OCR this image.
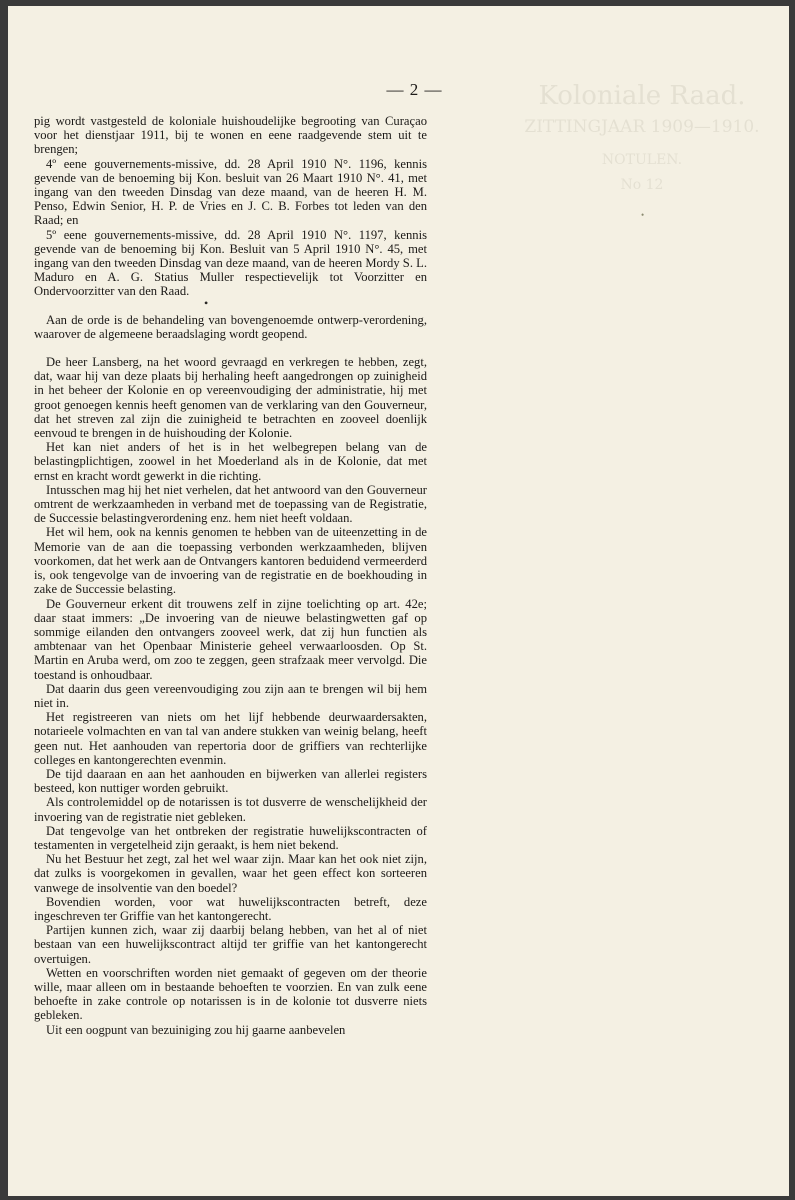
Koloniale Raad.
ZITTINGJAAR 1909—1910.
NOTULEN.
No 12
— 2 —

pig wordt vastgesteld de koloniale huishoudelijke begrooting van Curaçao voor het dienstjaar 1911, bij te wonen en eene raadgevende stem uit te brengen;

4º eene gouvernements-missive, dd. 28 April 1910 N°. 1196, kennis gevende van de benoeming bij Kon. besluit van 26 Maart 1910 N°. 41, met ingang van den tweeden Dinsdag van deze maand, van de heeren H. M. Penso, Edwin Senior, H. P. de Vries en J. C. B. Forbes tot leden van den Raad; en

5º eene gouvernements-missive, dd. 28 April 1910 N°. 1197, kennis gevende van de benoeming bij Kon. Besluit van 5 April 1910 N°. 45, met ingang van den tweeden Dinsdag van deze maand, van de heeren Mordy S. L. Maduro en A. G. Statius Muller respectievelijk tot Voorzitter en Ondervoorzitter van den Raad.

Aan de orde is de behandeling van bovengenoemde ontwerp-verordening, waarover de algemeene beraadslaging wordt geopend.

De heer Lansberg, na het woord gevraagd en verkregen te hebben, zegt, dat, waar hij van deze plaats bij herhaling heeft aangedrongen op zuinigheid in het beheer der Kolonie en op vereenvoudiging der administratie, hij met groot genoegen kennis heeft genomen van de verklaring van den Gouverneur, dat het streven zal zijn die zuinigheid te betrachten en zooveel doenlijk eenvoud te brengen in de huishouding der Kolonie.

Het kan niet anders of het is in het welbegrepen belang van de belastingplichtigen, zoowel in het Moederland als in de Kolonie, dat met ernst en kracht wordt gewerkt in die richting.

Intusschen mag hij het niet verhelen, dat het antwoord van den Gouverneur omtrent de werkzaamheden in verband met de toepassing van de Registratie, de Successie belastingverordening enz. hem niet heeft voldaan.

Het wil hem, ook na kennis genomen te hebben van de uiteenzetting in de Memorie van de aan die toepassing verbonden werkzaamheden, blijven voorkomen, dat het werk aan de Ontvangers kantoren beduidend vermeerderd is, ook tengevolge van de invoering van de registratie en de boekhouding in zake de Successie belasting.

De Gouverneur erkent dit trouwens zelf in zijne toelichting op art. 42e; daar staat immers: „De invoering van de nieuwe belastingwetten gaf op sommige eilanden den ontvangers zooveel werk, dat zij hun functien als ambtenaar van het Openbaar Ministerie geheel verwaarloosden. Op St. Martin en Aruba werd, om zoo te zeggen, geen strafzaak meer vervolgd. Die toestand is onhoudbaar.

Dat daarin dus geen vereenvoudiging zou zijn aan te brengen wil bij hem niet in.

Het registreeren van niets om het lijf hebbende deurwaardersakten, notarieele volmachten en van tal van andere stukken van weinig belang, heeft geen nut. Het aanhouden van repertoria door de griffiers van rechterlijke colleges en kantongerechten evenmin.

De tijd daaraan en aan het aanhouden en bijwerken van allerlei registers besteed, kon nuttiger worden gebruikt.

Als controlemiddel op de notarissen is tot dusverre de wenschelijkheid der invoering van de registratie niet gebleken.

Dat tengevolge van het ontbreken der registratie huwelijkscontracten of testamenten in vergetelheid zijn geraakt, is hem niet bekend.

Nu het Bestuur het zegt, zal het wel waar zijn. Maar kan het ook niet zijn, dat zulks is voorgekomen in gevallen, waar het geen effect kon sorteeren vanwege de insolventie van den boedel?

Bovendien worden, voor wat huwelijkscontracten betreft, deze ingeschreven ter Griffie van het kantongerecht.

Partijen kunnen zich, waar zij daarbij belang hebben, van het al of niet bestaan van een huwelijkscontract altijd ter griffie van het kantongerecht overtuigen.

Wetten en voorschriften worden niet gemaakt of gegeven om der theorie wille, maar alleen om in bestaande behoeften te voorzien. En van zulk eene behoefte in zake controle op notarissen is in de kolonie tot dusverre niets gebleken.

Uit een oogpunt van bezuiniging zou hij gaarne aanbevelen

•
•
